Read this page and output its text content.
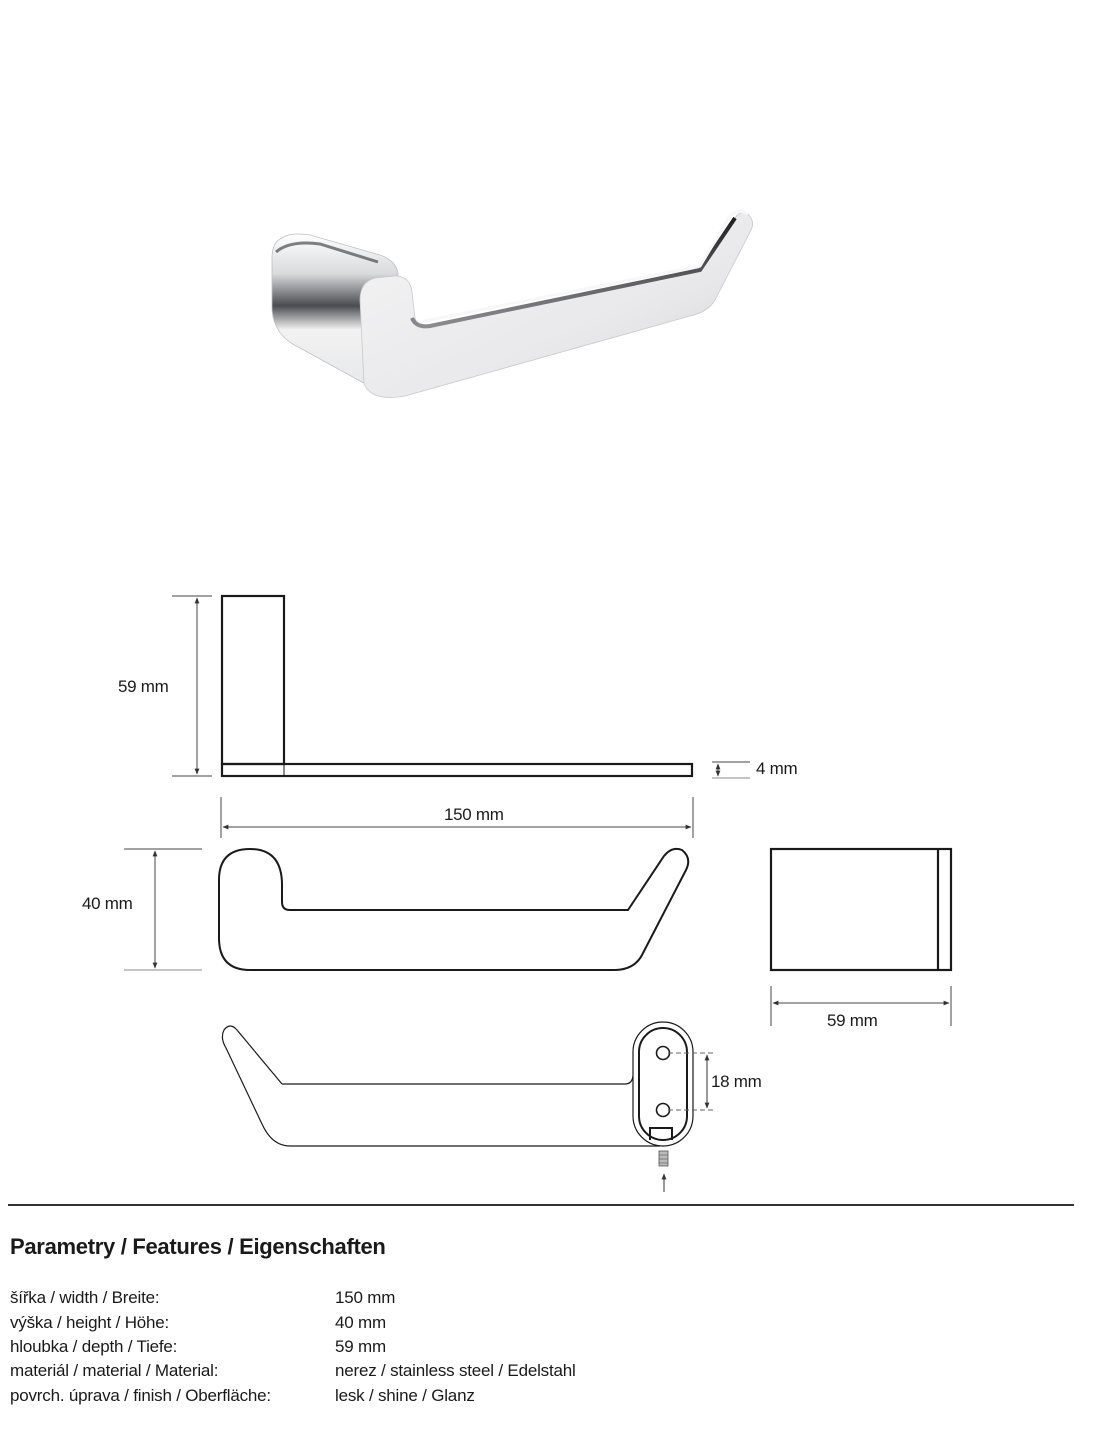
59 mm
4 mm
150 mm
40 mm
59 mm
18 mm
Parametry / Features / Eigenschaften
šířka / width / Breite:	150 mm
výška / height / Höhe:	40 mm
hloubka / depth / Tiefe:	59 mm
materiál / material / Material:	nerez / stainless steel / Edelstahl
povrch. úprava / finish / Oberfläche:	lesk / shine / Glanz
